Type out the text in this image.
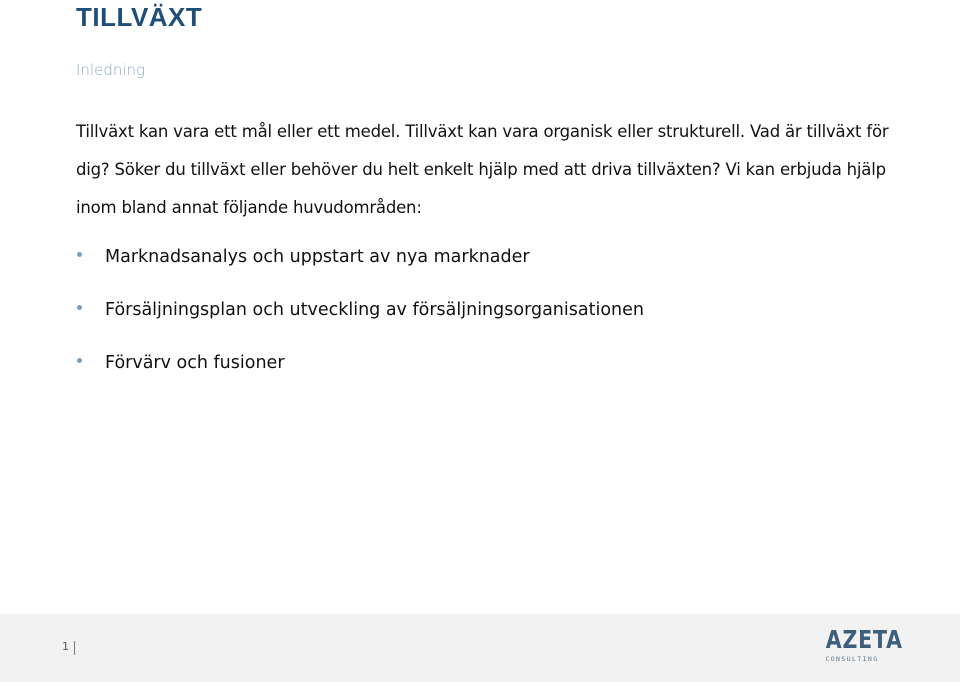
TILLVÄXT
Inledning

Tillväxt kan vara ett mål eller ett medel. Tillväxt kan vara organisk eller strukturell. Vad är tillväxt för dig? Söker du tillväxt eller behöver du helt enkelt hjälp med att driva tillväxten? Vi kan erbjuda hjälp inom bland annat följande huvudområden:

Marknadsanalys och uppstart av nya marknader
Försäljningsplan och utveckling av försäljningsorganisationen
Förvärv och fusioner
1	AZETA
CONSULTING
